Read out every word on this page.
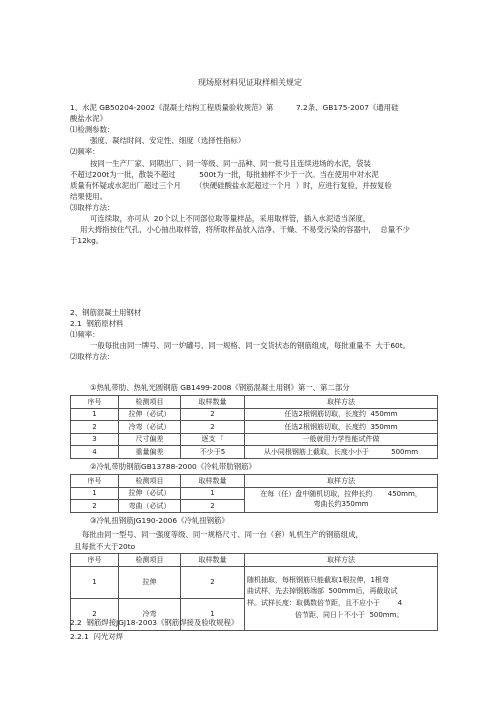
现场原材料见证取样相关规定

1、水泥 GB50204-2002《混凝土结构工程质量验收规范》第	7.2条、GB175-2007《通用硅

酸盐水泥》

⑴检测参数：

强度、凝结时间、安定性、细度（选择性指标）

⑵频率：

按同一生产厂家、同期出厂、同一等级、同一品种、同一批号且连续进场的水泥，袋装

不超过200t为一批，散装不超过          500t为一批，每批抽样不少于一次。当在使用中对水泥

质量有怀疑或水泥出厂超过三个月      （快硬硅酸盐水泥超过一个月  ）时，应进行复验，并按复验

结果使用。

⑶取样方法：

可连续取，亦可从  20个以上不同部位取等量样品，采用取样管，插入水泥适当深度，

用大拇指按住气孔，小心抽出取样管，将所取样品放入洁净、干燥、不易受污染的容器中，  总量不少

于12kg。

2、钢筋混凝土用钢材

2.1  钢筋原材料

⑴频率：

一般每批由同一牌号、同一炉罐号、同一规格、同一交货状态的钢筋组成，每批重量不  大于60t。

⑵取样方法：

①热轧带肋、热轧光圆钢筋 GB1499-2008《钢筋混凝土用钢》第一、第二部分
序号	检测项目	取样数量	取样方法
1	拉伸（必试）	2	任选2根钢筋切取，长度约  450mm
2	冷弯（必试）	2	任选2根钢筋切取，长度约  350mm
3	尺寸偏差	逐支  ｢	一般就用力学性能试件做
4	重量偏差	不少于5	从小同根钢筋上截取，长度小小于          500mm
②冷轧带肋钢筋GB13788-2000《冷轧带肋钢筋》
序号	检测项目	取样数量	取样方法
1	拉伸（必试）	1	在每（任）盘中随机切取，拉伸长约       450mm，
弯曲长约350mm

2	弯曲（必试）	2	
③冷轧扭钢筋JG190-2006《冷轧扭钢筋》
每批由同一型号、同一强度等级、同一规格尺寸、同一台（套）轧机生产的钢筋组成，
且每批不大于20to
序号	检测项目	取样数量	取样方法
1	拉伸	2	随机抽取，每根钢筋只能截取1根拉伸，1根弯
曲试样，先去掉钢筋端部  500mm后，再截取试
样。试样长度：取偶数倍节距，且不应小于        4
倍节距，同日⺊不小于  500mm。

2	冷弯	1	
2.2  钢筋焊接JGJ18-2003《钢筋焊接及验收规程》
2.2.1  闪光对焊
